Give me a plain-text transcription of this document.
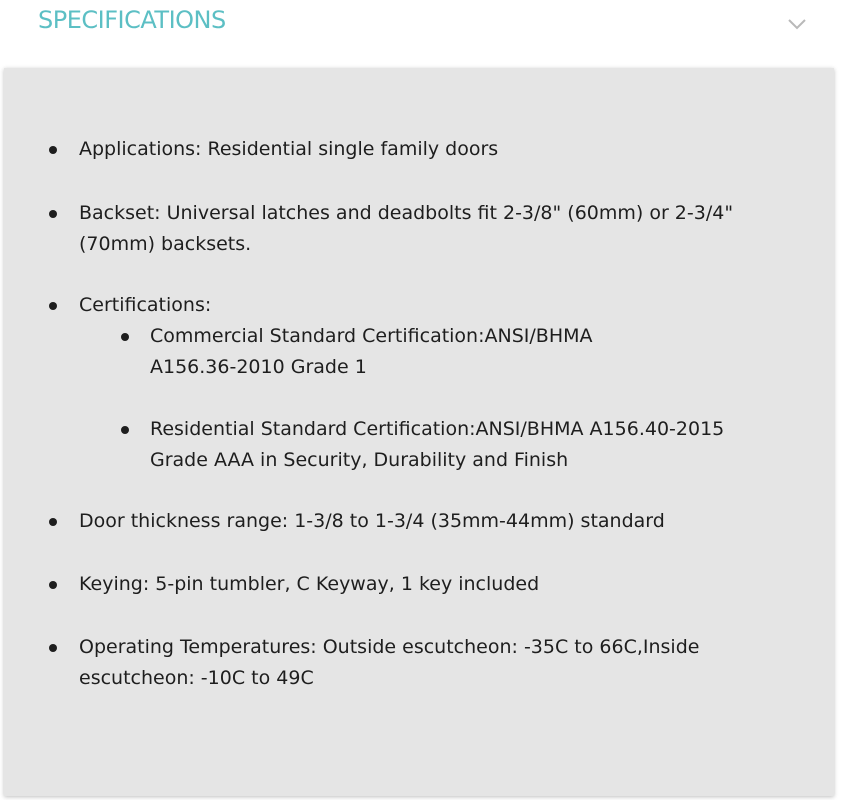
SPECIFICATIONS
Applications: Residential single family doors
Backset: Universal latches and deadbolts fit 2-3/8" (60mm) or 2-3/4"
(70mm) backsets.
Certifications:
Commercial Standard Certification:ANSI/BHMA
A156.36-2010 Grade 1
Residential Standard Certification:ANSI/BHMA A156.40-2015
Grade AAA in Security, Durability and Finish
Door thickness range: 1-3/8 to 1-3/4 (35mm-44mm) standard
Keying: 5-pin tumbler, C Keyway, 1 key included
Operating Temperatures: Outside escutcheon: -35C to 66C,Inside
escutcheon: -10C to 49C
